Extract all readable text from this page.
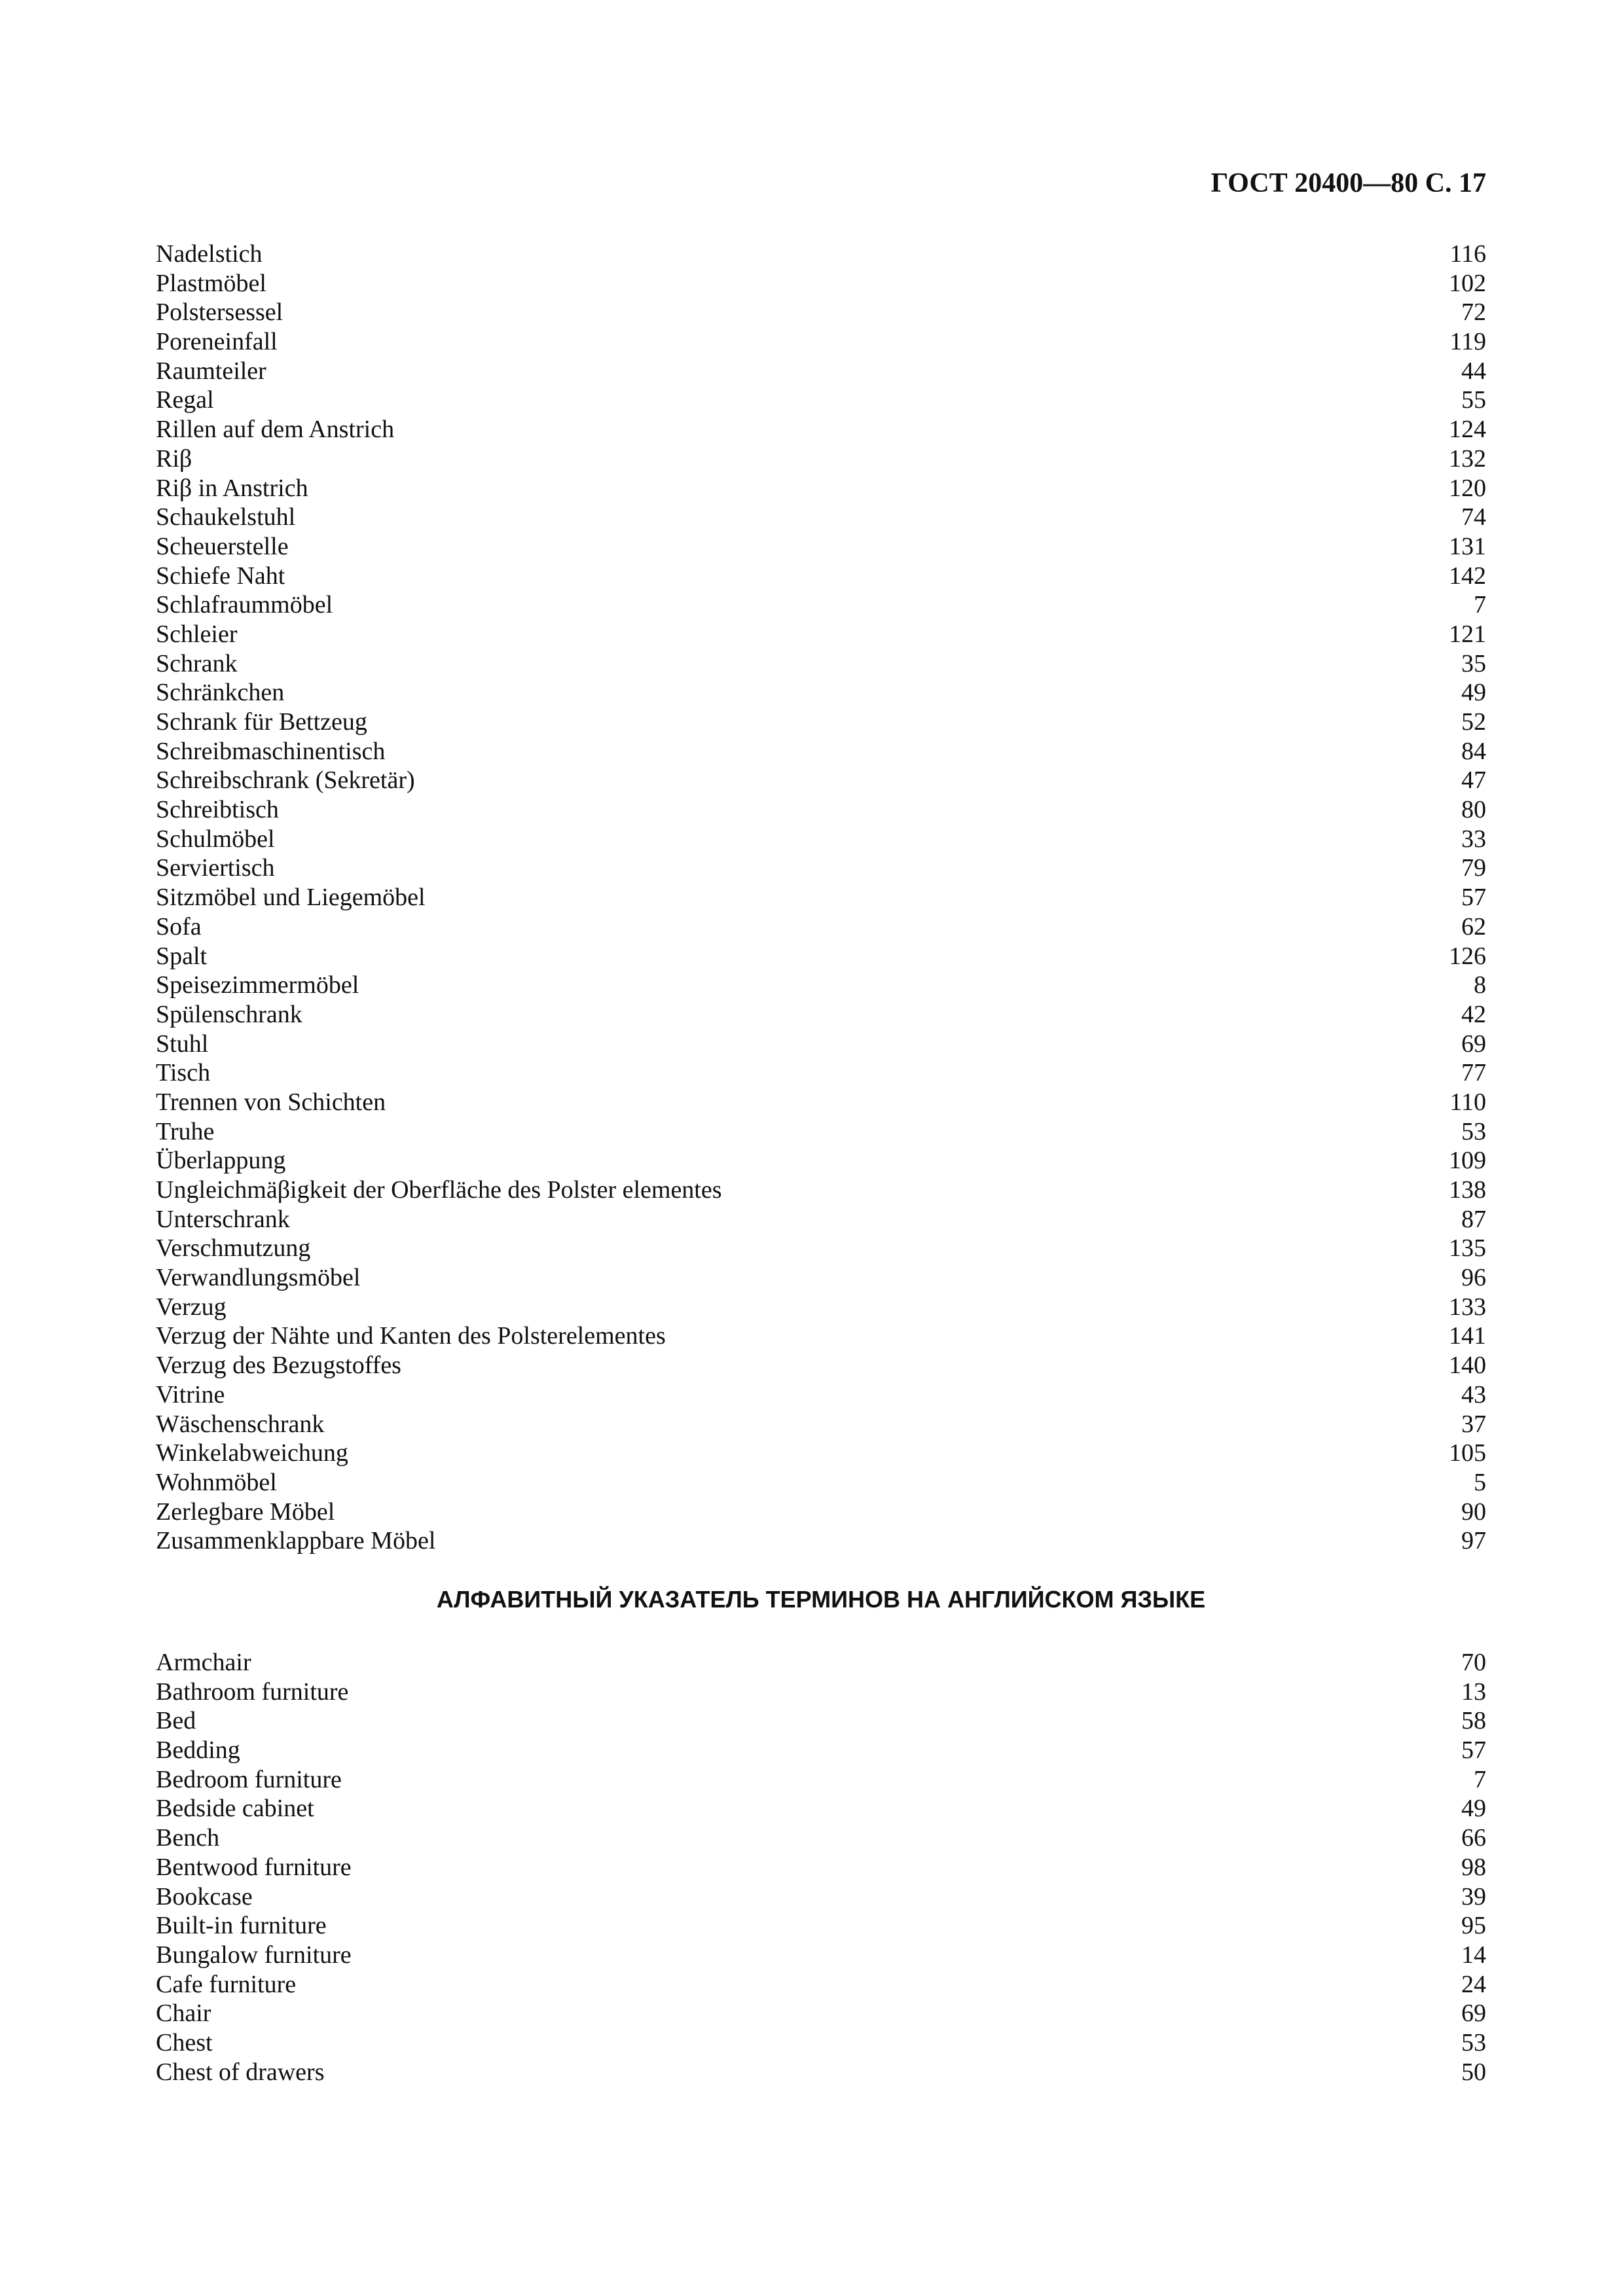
ГОСТ 20400—80 С. 17
Nadelstich	116
Plastmöbel	102
Polstersessel	72
Poreneinfall	119
Raumteiler	44
Regal	55
Rillen auf dem Anstrich	124
Riβ	132
Riβ in Anstrich	120
Schaukelstuhl	74
Scheuerstelle	131
Schiefe Naht	142
Schlafraummöbel	7
Schleier	121
Schrank	35
Schränkchen	49
Schrank für Bettzeug	52
Schreibmaschinentisch	84
Schreibschrank (Sekretär)	47
Schreibtisch	80
Schulmöbel	33
Serviertisch	79
Sitzmöbel und Liegemöbel	57
Sofa	62
Spalt	126
Speisezimmermöbel	8
Spülenschrank	42
Stuhl	69
Tisch	77
Trennen von Schichten	110
Truhe	53
Überlappung	109
Ungleichmäβigkeit der Oberfläche des Polster elementes	138
Unterschrank	87
Verschmutzung	135
Verwandlungsmöbel	96
Verzug	133
Verzug der Nähte und Kanten des Polsterelementes	141
Verzug des Bezugstoffes	140
Vitrine	43
Wäschenschrank	37
Winkelabweichung	105
Wohnmöbel	5
Zerlegbare Möbel	90
Zusammenklappbare Möbel	97
АЛФАВИТНЫЙ УКАЗАТЕЛЬ ТЕРМИНОВ НА АНГЛИЙСКОМ ЯЗЫКЕ
Armchair	70
Bathroom furniture	13
Bed	58
Bedding	57
Bedroom furniture	7
Bedside cabinet	49
Bench	66
Bentwood furniture	98
Bookcase	39
Built-in furniture	95
Bungalow furniture	14
Cafe furniture	24
Chair	69
Chest	53
Chest of drawers	50
